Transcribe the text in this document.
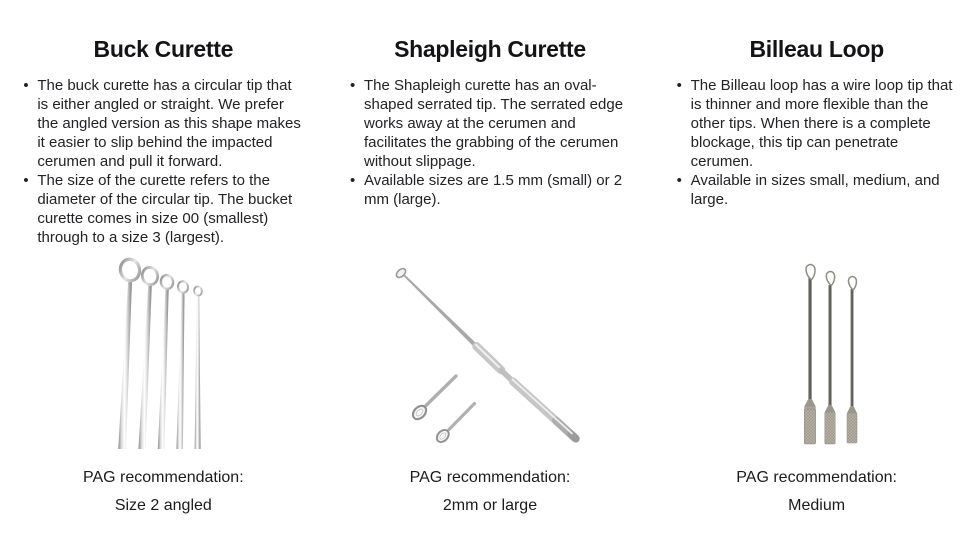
Buck Curette
• The buck curette has a circular tip that is either angled or straight. We prefer the angled version as this shape makes it easier to slip behind the impacted cerumen and pull it forward.
• The size of the curette refers to the diameter of the circular tip. The bucket curette comes in size 00 (smallest) through to a size 3 (largest).
PAG recommendation:
Size 2 angled
Shapleigh Curette
• The Shapleigh curette has an oval-shaped serrated tip. The serrated edge works away at the cerumen and facilitates the grabbing of the cerumen without slippage.
• Available sizes are 1.5 mm (small) or 2 mm (large).
PAG recommendation:
2mm or large
Billeau Loop
• The Billeau loop has a wire loop tip that is thinner and more flexible than the other tips. When there is a complete blockage, this tip can penetrate cerumen.
• Available in sizes small, medium, and large.
PAG recommendation:
Medium
